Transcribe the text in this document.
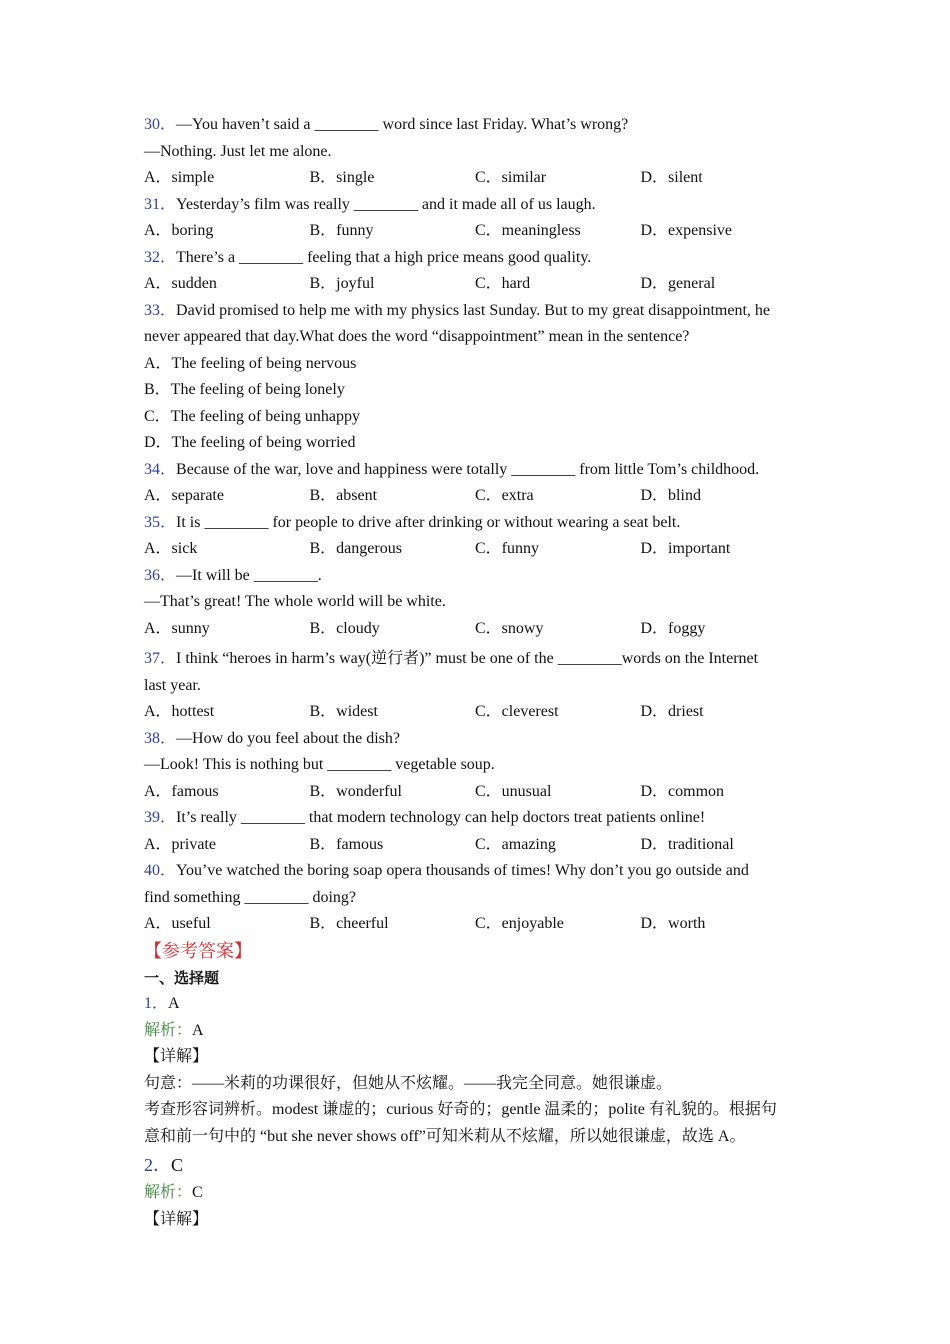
30．—You haven’t said a ________ word since last Friday. What’s wrong?
—Nothing. Just let me alone.
A．simple	B．single	C．similar	D．silent
31．Yesterday’s film was really ________ and it made all of us laugh.
A．boring	B．funny	C．meaningless	D．expensive
32．There’s a ________ feeling that a high price means good quality.
A．sudden	B．joyful	C．hard	D．general
33．David promised to help me with my physics last Sunday. But to my great disappointment, he
never appeared that day.What does the word “disappointment” mean in the sentence?
A．The feeling of being nervous
B．The feeling of being lonely
C．The feeling of being unhappy
D．The feeling of being worried
34．Because of the war, love and happiness were totally ________ from little Tom’s childhood.
A．separate	B．absent	C．extra	D．blind
35．It is ________ for people to drive after drinking or without wearing a seat belt.
A．sick	B．dangerous	C．funny	D．important
36．—It will be ________.
—That’s great! The whole world will be white.
A．sunny	B．cloudy	C．snowy	D．foggy
37．I think “heroes in harm’s way(逆行者)” must be one of the ________words on the Internet
last year.
A．hottest	B．widest	C．cleverest	D．driest
38．—How do you feel about the dish?
—Look! This is nothing but ________ vegetable soup.
A．famous	B．wonderful	C．unusual	D．common
39．It’s really ________ that modern technology can help doctors treat patients online!
A．private	B．famous	C．amazing	D．traditional
40．You’ve watched the boring soap opera thousands of times! Why don’t you go outside and
find something ________ doing?
A．useful	B．cheerful	C．enjoyable	D．worth
【参考答案】
一、选择题
1．A
解析：A
【详解】
句意：——米莉的功课很好，但她从不炫耀。——我完全同意。她很谦虚。
考查形容词辨析。modest 谦虚的；curious 好奇的；gentle 温柔的；polite 有礼貌的。根据句
意和前一句中的 “but she never shows off”可知米莉从不炫耀，所以她很谦虚，故选 A。
2．C
解析：C
【详解】
